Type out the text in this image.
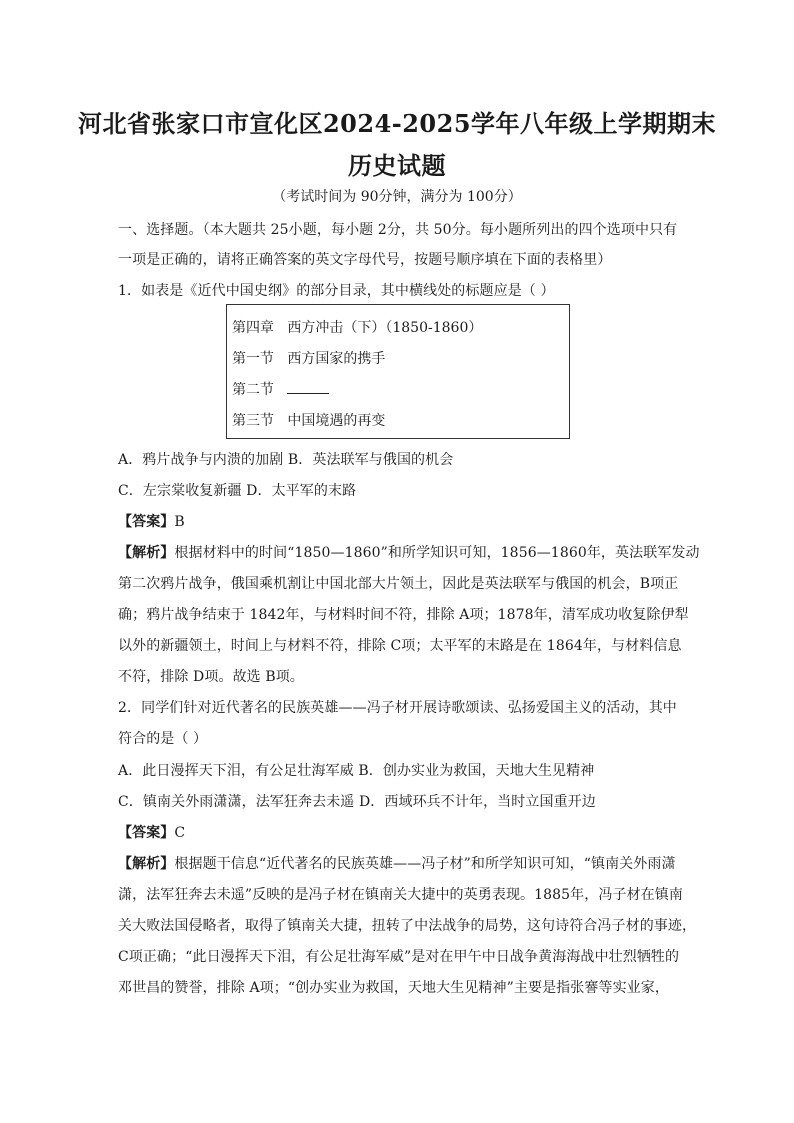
河北省张家口市宣化区2024-2025学年八年级上学期期末
历史试题
（考试时间为 90分钟，满分为 100分）
一、选择题。（本大题共 25小题，每小题 2分，共 50分。每小题所列出的四个选项中只有
一项是正确的，请将正确答案的英文字母代号，按题号顺序填在下面的表格里）
1．如表是《近代中国史纲》的部分目录，其中横线处的标题应是（ ）
第四章 西方冲击（下）（1850-1860）
第一节 西方国家的携手
第二节
第三节 中国境遇的再变
A．鸦片战争与内溃的加剧 B．英法联军与俄国的机会
C．左宗棠收复新疆 D．太平军的末路
【答案】B
【解析】根据材料中的时间“1850—1860”和所学知识可知，1856—1860年，英法联军发动
第二次鸦片战争，俄国乘机割让中国北部大片领土，因此是英法联军与俄国的机会，B项正
确；鸦片战争结束于 1842年，与材料时间不符，排除 A项；1878年，清军成功收复除伊犁
以外的新疆领土，时间上与材料不符，排除 C项；太平军的末路是在 1864年，与材料信息
不符，排除 D项。故选 B项。
2．同学们针对近代著名的民族英雄——冯子材开展诗歌颂读、弘扬爱国主义的活动，其中
符合的是（ ）
A．此日漫挥天下泪，有公足壮海军威 B．创办实业为救国，天地大生见精神
C．镇南关外雨潇潇，法军狂奔去未遥 D．西域环兵不计年，当时立国重开边
【答案】C
【解析】根据题干信息“近代著名的民族英雄——冯子材”和所学知识可知，“镇南关外雨潇
潇，法军狂奔去未遥”反映的是冯子材在镇南关大捷中的英勇表现。1885年，冯子材在镇南
关大败法国侵略者，取得了镇南关大捷，扭转了中法战争的局势，这句诗符合冯子材的事迹，
C项正确；“此日漫挥天下泪，有公足壮海军威”是对在甲午中日战争黄海海战中壮烈牺牲的
邓世昌的赞誉，排除 A项；“创办实业为救国，天地大生见精神”主要是指张謇等实业家，
